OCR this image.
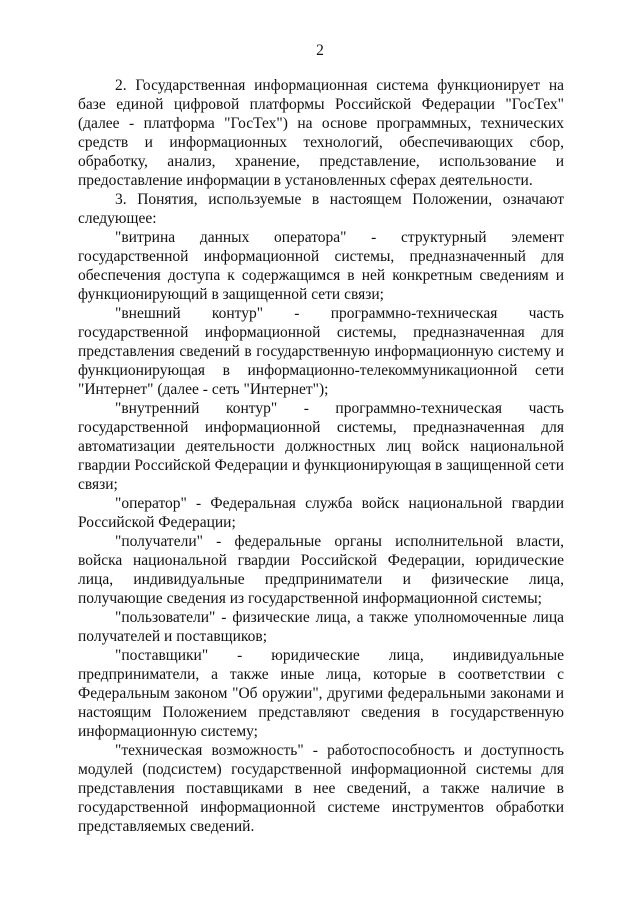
2

2. Государственная информационная система функционирует на базе единой цифровой платформы Российской Федерации "ГосТех" (далее - платформа "ГосТех") на основе программных, технических средств и информационных технологий, обеспечивающих сбор, обработку, анализ, хранение, представление, использование и предоставление информации в установленных сферах деятельности.

3. Понятия, используемые в настоящем Положении, означают следующее:

"витрина данных оператора" - структурный элемент государственной информационной системы, предназначенный для обеспечения доступа к содержащимся в ней конкретным сведениям и функционирующий в защищенной сети связи;

"внешний контур" - программно-техническая часть государственной информационной системы, предназначенная для представления сведений в государственную информационную систему и функционирующая в информационно-телекоммуникационной сети "Интернет" (далее - сеть "Интернет");

"внутренний контур" - программно-техническая часть государственной информационной системы, предназначенная для автоматизации деятельности должностных лиц войск национальной гвардии Российской Федерации и функционирующая в защищенной сети связи;

"оператор" - Федеральная служба войск национальной гвардии Российской Федерации;

"получатели" - федеральные органы исполнительной власти, войска национальной гвардии Российской Федерации, юридические лица, индивидуальные предприниматели и физические лица, получающие сведения из государственной информационной системы;

"пользователи" - физические лица, а также уполномоченные лица получателей и поставщиков;

"поставщики" - юридические лица, индивидуальные предприниматели, а также иные лица, которые в соответствии с Федеральным законом "Об оружии", другими федеральными законами и настоящим Положением представляют сведения в государственную информационную систему;

"техническая возможность" - работоспособность и доступность модулей (подсистем) государственной информационной системы для представления поставщиками в нее сведений, а также наличие в государственной информационной системе инструментов обработки представляемых сведений.
